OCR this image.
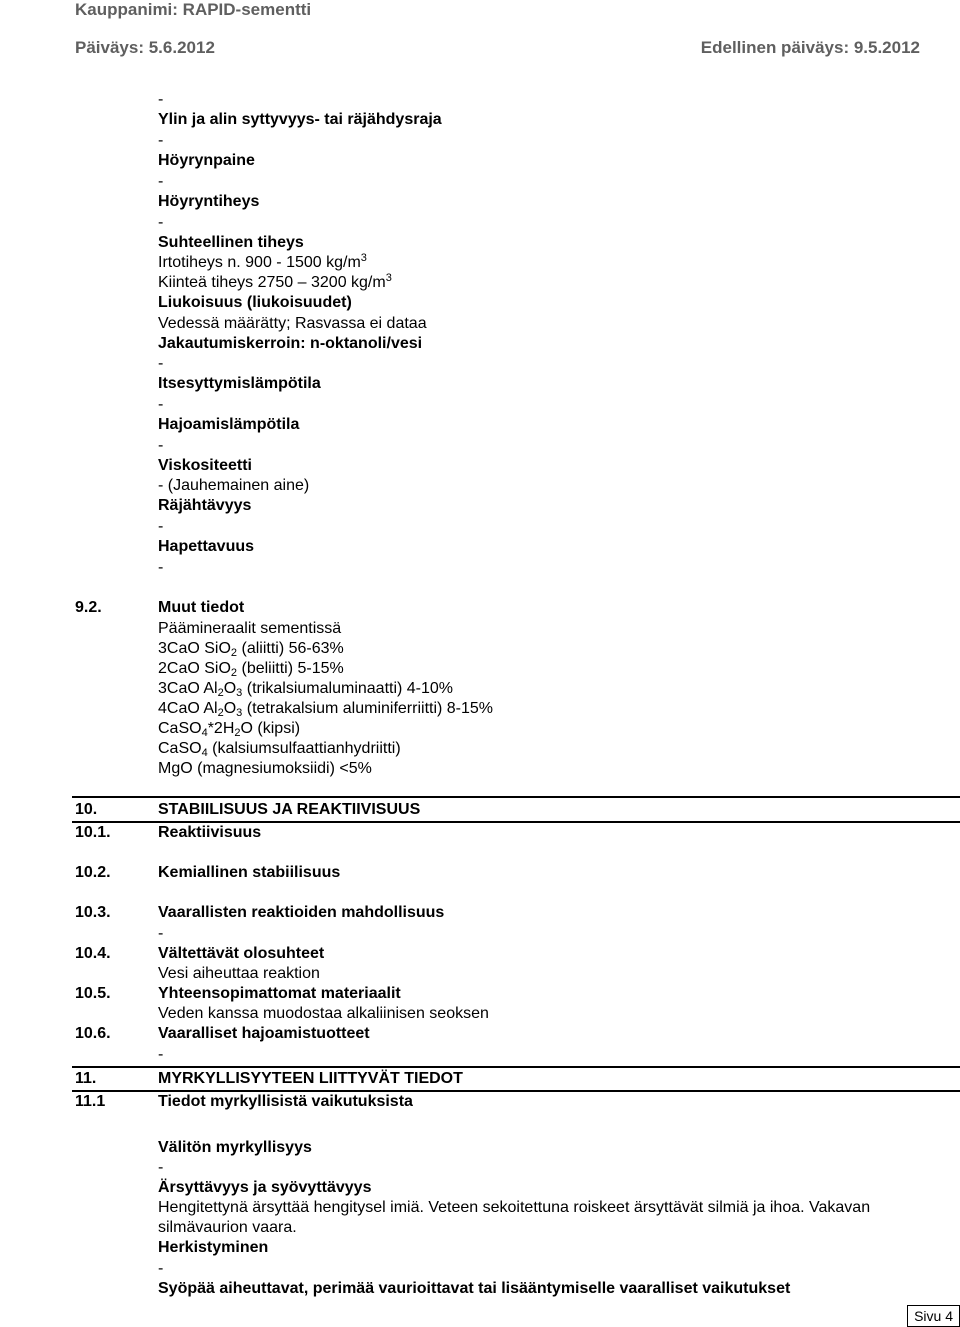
Kauppanimi: RAPID-sementti
Päiväys: 5.6.2012	Edellinen päiväys: 9.5.2012
-
Ylin ja alin syttyvyys- tai räjähdysraja
-
Höyrynpaine
-
Höyryntiheys
-
Suhteellinen tiheys
Irtotiheys n. 900 - 1500 $kg/m^3$
Kiinteä tiheys 2750 – 3200 $kg/m^3$
Liukoisuus (liukoisuudet)
Vedessä määrätty; Rasvassa ei dataa
Jakautumiskerroin: n-oktanoli/vesi
-
Itsesyttymislämpötila
-
Hajoamislämpötila
-
Viskositeetti
- (Jauhemainen aine)
Räjähtävyys
-
Hapettavuus
-
9.2.	Muut tiedot
Päämineraalit sementissä
3CaO SiO$_2$ (aliitti) 56-63%
2CaO SiO$_2$ (beliitti) 5-15%
3CaO $Al_2O_3$ (trikalsiumaluminaatti) 4-10%
4CaO $Al_2O_3$ (tetrakalsium aluminiferriitti) 8-15%
$CaSO_4*2H_2O$ (kipsi)
CaSO$_4$ (kalsiumsulfaattianhydriitti)
MgO (magnesiumoksiidi) <5%
10.	STABIILISUUS JA REAKTIIVISUUS
10.1.	Reaktiivisuus
10.2.	Kemiallinen stabiilisuus
10.3.	Vaarallisten reaktioiden mahdollisuus
-
10.4.	Vältettävät olosuhteet
Vesi aiheuttaa reaktion
10.5.	Yhteensopimattomat materiaalit
Veden kanssa muodostaa alkaliinisen seoksen
10.6.	Vaaralliset hajoamistuotteet
-
11.	MYRKYLLISYYTEEN LIITTYVÄT TIEDOT
11.1	Tiedot myrkyllisistä vaikutuksista
Välitön myrkyllisyys
-
Ärsyttävyys ja syövyttävyys
Hengitettynä ärsyttää hengitysel imiä. Veteen sekoitettuna roiskeet ärsyttävät silmiä ja ihoa. Vakavan
silmävaurion vaara.
Herkistyminen
-
Syöpää aiheuttavat, perimää vaurioittavat tai lisääntymiselle vaaralliset vaikutukset
Sivu 4
